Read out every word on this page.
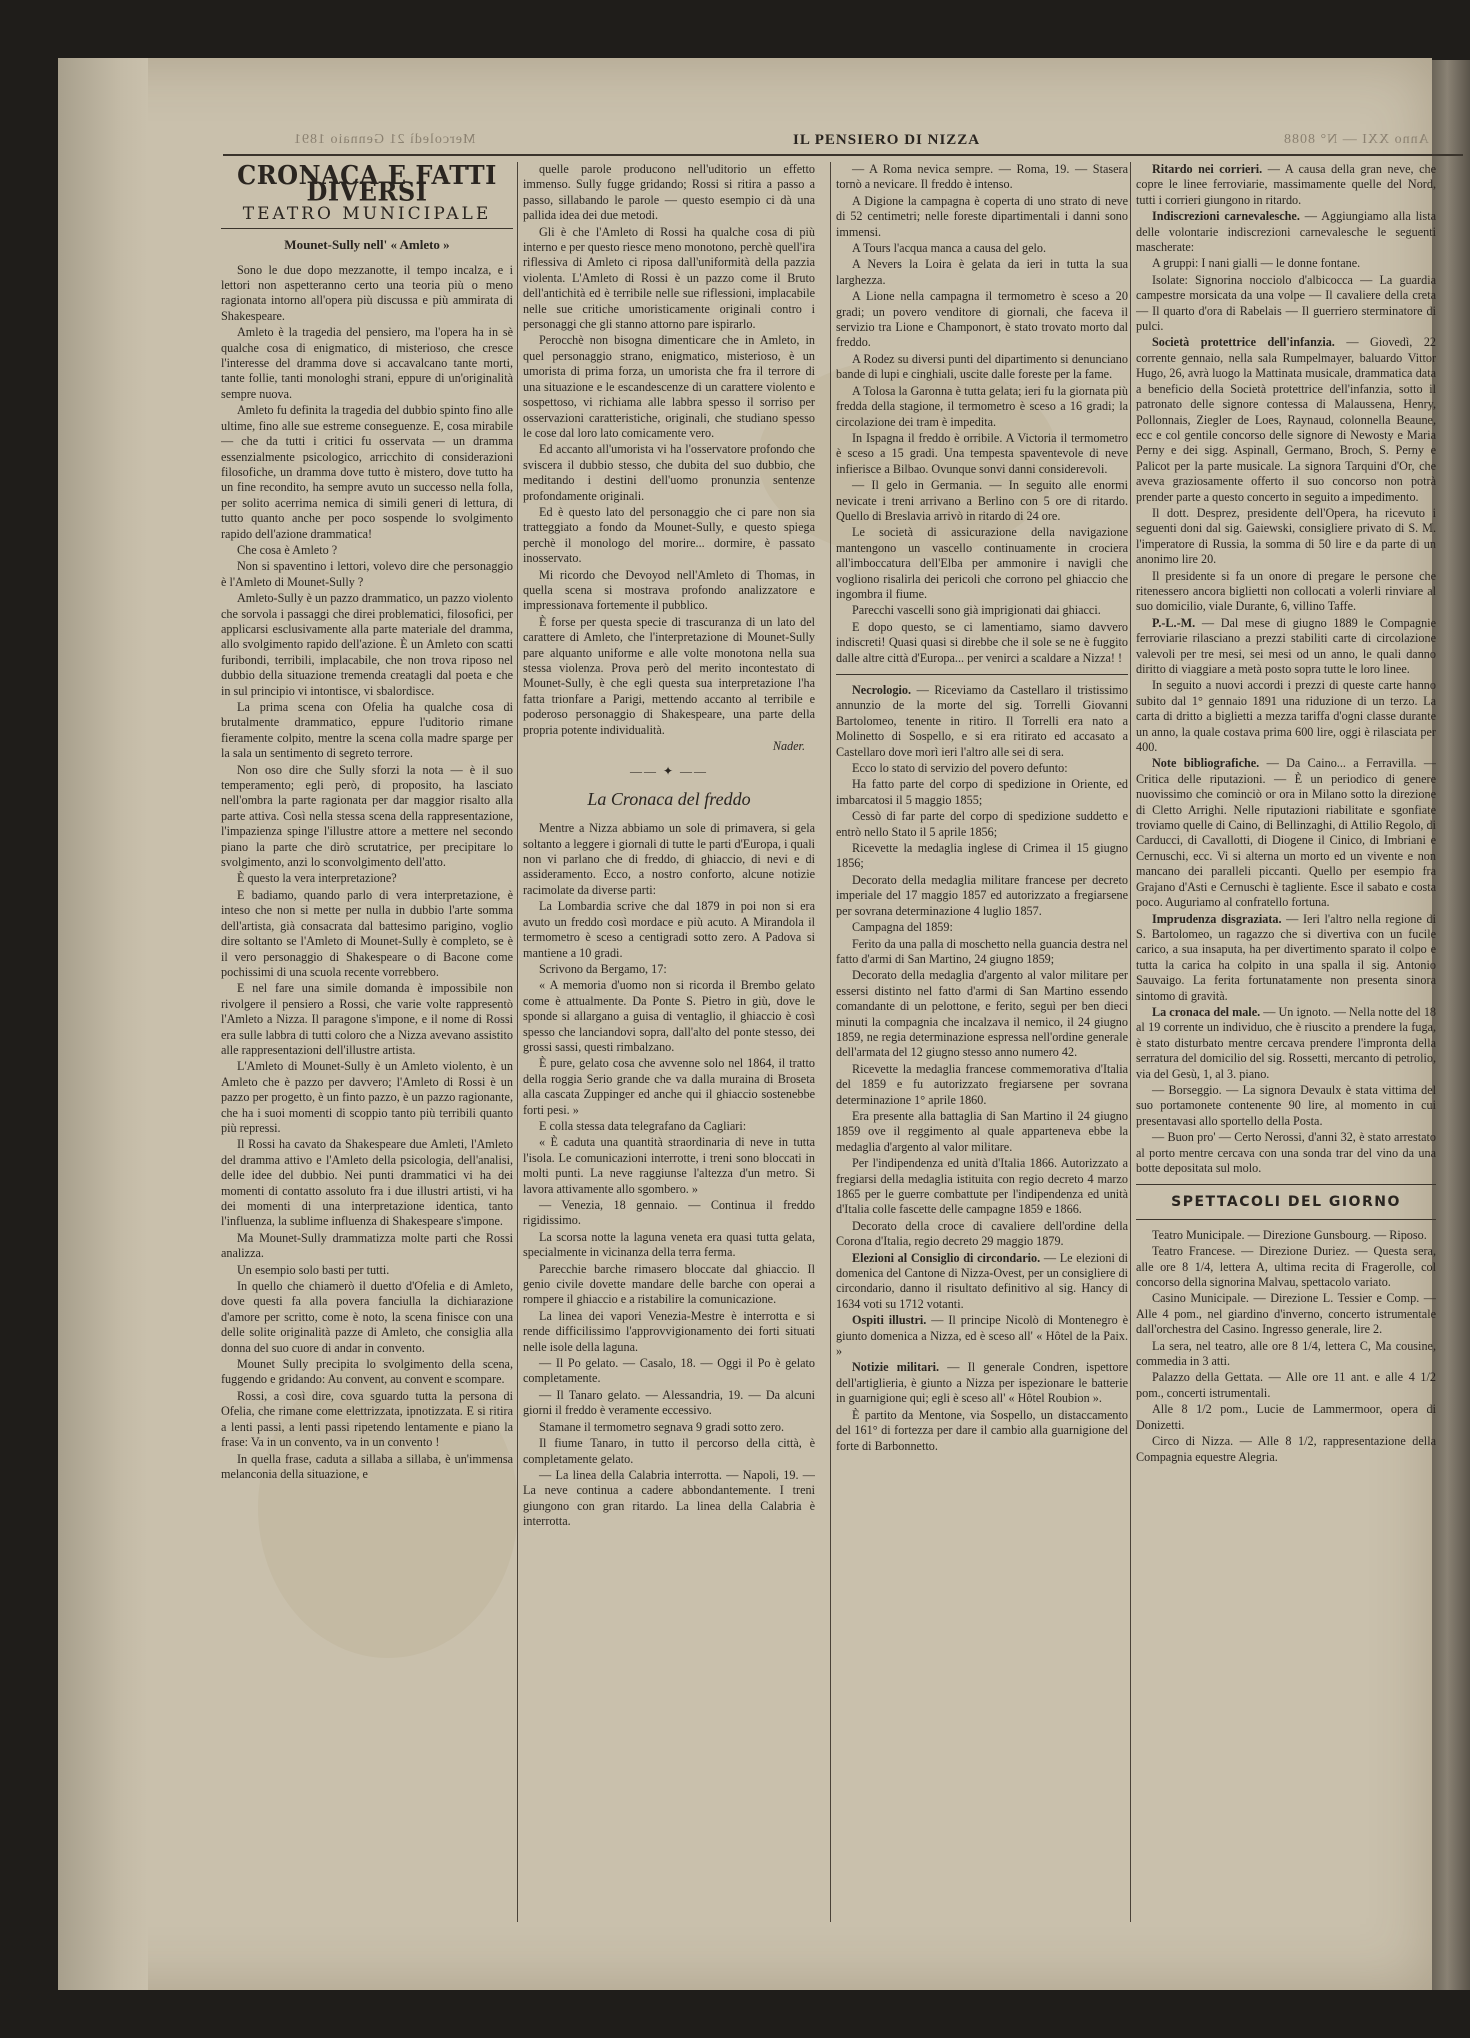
Mercoledì 21 Gennaio 1891	IL PENSIERO DI NIZZA	Anno XXI — N° 8088
CRONACA E FATTI DIVERSI
TEATRO MUNICIPALE
Mounet-Sully nell' « Amleto »

Sono le due dopo mezzanotte, il tempo incalza, e i lettori non aspetteranno certo una teoria più o meno ragionata intorno all'opera più discussa e più ammirata di Shakespeare.

Amleto è la tragedia del pensiero, ma l'opera ha in sè qualche cosa di enigmatico, di misterioso, che cresce l'interesse del dramma dove si accavalcano tante morti, tante follie, tanti monologhi strani, eppure di un'originalità sempre nuova.

Amleto fu definita la tragedia del dubbio spinto fino alle ultime, fino alle sue estreme conseguenze. E, cosa mirabile — che da tutti i critici fu osservata — un dramma essenzialmente psicologico, arricchito di considerazioni filosofiche, un dramma dove tutto è mistero, dove tutto ha un fine recondito, ha sempre avuto un successo nella folla, per solito acerrima nemica di simili generi di lettura, di tutto quanto anche per poco sospende lo svolgimento rapido dell'azione drammatica!

Che cosa è Amleto ?

Non si spaventino i lettori, volevo dire che personaggio è l'Amleto di Mounet-Sully ?

Amleto-Sully è un pazzo drammatico, un pazzo violento che sorvola i passaggi che direi problematici, filosofici, per applicarsi esclusivamente alla parte materiale del dramma, allo svolgimento rapido dell'azione. È un Amleto con scatti furibondi, terribili, implacabile, che non trova riposo nel dubbio della situazione tremenda creatagli dal poeta e che in sul principio vi intontisce, vi sbalordisce.

La prima scena con Ofelia ha qualche cosa di brutalmente drammatico, eppure l'uditorio rimane fieramente colpito, mentre la scena colla madre sparge per la sala un sentimento di segreto terrore.

Non oso dire che Sully sforzi la nota — è il suo temperamento; egli però, di proposito, ha lasciato nell'ombra la parte ragionata per dar maggior risalto alla parte attiva. Così nella stessa scena della rappresentazione, l'impazienza spinge l'illustre attore a mettere nel secondo piano la parte che dirò scrutatrice, per precipitare lo svolgimento, anzi lo sconvolgimento dell'atto.

È questo la vera interpretazione?

E badiamo, quando parlo di vera interpretazione, è inteso che non si mette per nulla in dubbio l'arte somma dell'artista, già consacrata dal battesimo parigino, voglio dire soltanto se l'Amleto di Mounet-Sully è completo, se è il vero personaggio di Shakespeare o di Bacone come pochissimi di una scuola recente vorrebbero.

E nel fare una simile domanda è impossibile non rivolgere il pensiero a Rossi, che varie volte rappresentò l'Amleto a Nizza. Il paragone s'impone, e il nome di Rossi era sulle labbra di tutti coloro che a Nizza avevano assistito alle rappresentazioni dell'illustre artista.

L'Amleto di Mounet-Sully è un Amleto violento, è un Amleto che è pazzo per davvero; l'Amleto di Rossi è un pazzo per progetto, è un finto pazzo, è un pazzo ragionante, che ha i suoi momenti di scoppio tanto più terribili quanto più repressi.

Il Rossi ha cavato da Shakespeare due Amleti, l'Amleto del dramma attivo e l'Amleto della psicologia, dell'analisi, delle idee del dubbio. Nei punti drammatici vi ha dei momenti di contatto assoluto fra i due illustri artisti, vi ha dei momenti di una interpretazione identica, tanto l'influenza, la sublime influenza di Shakespeare s'impone.

Ma Mounet-Sully drammatizza molte parti che Rossi analizza.

Un esempio solo basti per tutti.

In quello che chiamerò il duetto d'Ofelia e di Amleto, dove questi fa alla povera fanciulla la dichiarazione d'amore per scritto, come è noto, la scena finisce con una delle solite originalità pazze di Amleto, che consiglia alla donna del suo cuore di andar in convento.

Mounet Sully precipita lo svolgimento della scena, fuggendo e gridando: Au convent, au convent e scompare.

Rossi, a così dire, cova sguardo tutta la persona di Ofelia, che rimane come elettrizzata, ipnotizzata. E si ritira a lenti passi, a lenti passi ripetendo lentamente e piano la frase: Va in un convento, va in un convento !

In quella frase, caduta a sillaba a sillaba, è un'immensa melanconia della situazione, e

quelle parole producono nell'uditorio un effetto immenso. Sully fugge gridando; Rossi si ritira a passo a passo, sillabando le parole — questo esempio ci dà una pallida idea dei due metodi.

Gli è che l'Amleto di Rossi ha qualche cosa di più interno e per questo riesce meno monotono, perchè quell'ira riflessiva di Amleto ci riposa dall'uniformità della pazzia violenta. L'Amleto di Rossi è un pazzo come il Bruto dell'antichità ed è terribile nelle sue riflessioni, implacabile nelle sue critiche umoristicamente originali contro i personaggi che gli stanno attorno pare ispirarlo.

Perocchè non bisogna dimenticare che in Amleto, in quel personaggio strano, enigmatico, misterioso, è un umorista di prima forza, un umorista che fra il terrore di una situazione e le escandescenze di un carattere violento e sospettoso, vi richiama alle labbra spesso il sorriso per osservazioni caratteristiche, originali, che studiano spesso le cose dal loro lato comicamente vero.

Ed accanto all'umorista vi ha l'osservatore profondo che sviscera il dubbio stesso, che dubita del suo dubbio, che meditando i destini dell'uomo pronunzia sentenze profondamente originali.

Ed è questo lato del personaggio che ci pare non sia tratteggiato a fondo da Mounet-Sully, e questo spiega perchè il monologo del morire... dormire, è passato inosservato.

Mi ricordo che Devoyod nell'Amleto di Thomas, in quella scena si mostrava profondo analizzatore e impressionava fortemente il pubblico.

È forse per questa specie di trascuranza di un lato del carattere di Amleto, che l'interpretazione di Mounet-Sully pare alquanto uniforme e alle volte monotona nella sua stessa violenza. Prova però del merito incontestato di Mounet-Sully, è che egli questa sua interpretazione l'ha fatta trionfare a Parigi, mettendo accanto al terribile e poderoso personaggio di Shakespeare, una parte della propria potente individualità.

Nader.
—— ✦ ——
La Cronaca del freddo

Mentre a Nizza abbiamo un sole di primavera, si gela soltanto a leggere i giornali di tutte le parti d'Europa, i quali non vi parlano che di freddo, di ghiaccio, di nevi e di assideramento. Ecco, a nostro conforto, alcune notizie racimolate da diverse parti:

La Lombardia scrive che dal 1879 in poi non si era avuto un freddo così mordace e più acuto. A Mirandola il termometro è sceso a centigradi sotto zero. A Padova si mantiene a 10 gradi.

Scrivono da Bergamo, 17:

« A memoria d'uomo non si ricorda il Brembo gelato come è attualmente. Da Ponte S. Pietro in giù, dove le sponde si allargano a guisa di ventaglio, il ghiaccio è così spesso che lanciandovi sopra, dall'alto del ponte stesso, dei grossi sassi, questi rimbalzano.

È pure, gelato cosa che avvenne solo nel 1864, il tratto della roggia Serio grande che va dalla muraina di Broseta alla cascata Zuppinger ed anche qui il ghiaccio sostenebbe forti pesi. »

E colla stessa data telegrafano da Cagliari:

« È caduta una quantità straordinaria di neve in tutta l'isola. Le comunicazioni interrotte, i treni sono bloccati in molti punti. La neve raggiunse l'altezza d'un metro. Si lavora attivamente allo sgombero. »

— Venezia, 18 gennaio. — Continua il freddo rigidissimo.

La scorsa notte la laguna veneta era quasi tutta gelata, specialmente in vicinanza della terra ferma.

Parecchie barche rimasero bloccate dal ghiaccio. Il genio civile dovette mandare delle barche con operai a rompere il ghiaccio e a ristabilire la comunicazione.

La linea dei vapori Venezia-Mestre è interrotta e si rende difficilissimo l'approvvigionamento dei forti situati nelle isole della laguna.

— Il Po gelato. — Casalo, 18. — Oggi il Po è gelato completamente.

— Il Tanaro gelato. — Alessandria, 19. — Da alcuni giorni il freddo è veramente eccessivo.

Stamane il termometro segnava 9 gradi sotto zero.

Il fiume Tanaro, in tutto il percorso della città, è completamente gelato.

— La linea della Calabria interrotta. — Napoli, 19. — La neve continua a cadere abbondantemente. I treni giungono con gran ritardo. La linea della Calabria è interrotta.

— A Roma nevica sempre. — Roma, 19. — Stasera tornò a nevicare. Il freddo è intenso.

A Digione la campagna è coperta di uno strato di neve di 52 centimetri; nelle foreste dipartimentali i danni sono immensi.

A Tours l'acqua manca a causa del gelo.

A Nevers la Loira è gelata da ieri in tutta la sua larghezza.

A Lione nella campagna il termometro è sceso a 20 gradi; un povero venditore di giornali, che faceva il servizio tra Lione e Champonort, è stato trovato morto dal freddo.

A Rodez su diversi punti del dipartimento si denunciano bande di lupi e cinghiali, uscite dalle foreste per la fame.

A Tolosa la Garonna è tutta gelata; ieri fu la giornata più fredda della stagione, il termometro è sceso a 16 gradi; la circolazione dei tram è impedita.

In Ispagna il freddo è orribile. A Victoria il termometro è sceso a 15 gradi. Una tempesta spaventevole di neve infierisce a Bilbao. Ovunque sonvi danni considerevoli.

— Il gelo in Germania. — In seguito alle enormi nevicate i treni arrivano a Berlino con 5 ore di ritardo. Quello di Breslavia arrivò in ritardo di 24 ore.

Le società di assicurazione della navigazione mantengono un vascello continuamente in crociera all'imboccatura dell'Elba per ammonire i navigli che vogliono risalirla dei pericoli che corrono pel ghiaccio che ingombra il fiume.

Parecchi vascelli sono già imprigionati dai ghiacci.

E dopo questo, se ci lamentiamo, siamo davvero indiscreti! Quasi quasi si direbbe che il sole se ne è fuggito dalle altre città d'Europa... per venirci a scaldare a Nizza! !

Necrologio. — Riceviamo da Castellaro il tristissimo annunzio de la morte del sig. Torrelli Giovanni Bartolomeo, tenente in ritiro. Il Torrelli era nato a Molinetto di Sospello, e si era ritirato ed accasato a Castellaro dove morì ieri l'altro alle sei di sera.

Ecco lo stato di servizio del povero defunto:

Ha fatto parte del corpo di spedizione in Oriente, ed imbarcatosi il 5 maggio 1855;

Cessò di far parte del corpo di spedizione suddetto e entrò nello Stato il 5 aprile 1856;

Ricevette la medaglia inglese di Crimea il 15 giugno 1856;

Decorato della medaglia militare francese per decreto imperiale del 17 maggio 1857 ed autorizzato a fregiarsene per sovrana determinazione 4 luglio 1857.

Campagna del 1859:

Ferito da una palla di moschetto nella guancia destra nel fatto d'armi di San Martino, 24 giugno 1859;

Decorato della medaglia d'argento al valor militare per essersi distinto nel fatto d'armi di San Martino essendo comandante di un pelottone, e ferito, seguì per ben dieci minuti la compagnia che incalzava il nemico, il 24 giugno 1859, ne regia determinazione espressa nell'ordine generale dell'armata del 12 giugno stesso anno numero 42.

Ricevette la medaglia francese commemorativa d'Italia del 1859 e fu autorizzato fregiarsene per sovrana determinazione 1° aprile 1860.

Era presente alla battaglia di San Martino il 24 giugno 1859 ove il reggimento al quale apparteneva ebbe la medaglia d'argento al valor militare.

Per l'indipendenza ed unità d'Italia 1866. Autorizzato a fregiarsi della medaglia istituita con regio decreto 4 marzo 1865 per le guerre combattute per l'indipendenza ed unità d'Italia colle fascette delle campagne 1859 e 1866.

Decorato della croce di cavaliere dell'ordine della Corona d'Italia, regio decreto 29 maggio 1879.

Elezioni al Consiglio di circondario. — Le elezioni di domenica del Cantone di Nizza-Ovest, per un consigliere di circondario, danno il risultato definitivo al sig. Hancy di 1634 voti su 1712 votanti.

Ospiti illustri. — Il principe Nicolò di Montenegro è giunto domenica a Nizza, ed è sceso all' « Hôtel de la Paix. »

Notizie militari. — Il generale Condren, ispettore dell'artiglieria, è giunto a Nizza per ispezionare le batterie in guarnigione qui; egli è sceso all' « Hôtel Roubion ».

È partito da Mentone, via Sospello, un distaccamento del 161° di fortezza per dare il cambio alla guarnigione del forte di Barbonnetto.

Ritardo nei corrieri. — A causa della gran neve, che copre le linee ferroviarie, massimamente quelle del Nord, tutti i corrieri giungono in ritardo.

Indiscrezioni carnevalesche. — Aggiungiamo alla lista delle volontarie indiscrezioni carnevalesche le seguenti mascherate:

A gruppi: I nani gialli — le donne fontane.

Isolate: Signorina nocciolo d'albicocca — La guardia campestre morsicata da una volpe — Il cavaliere della creta — Il quarto d'ora di Rabelais — Il guerriero sterminatore di pulci.

Società protettrice dell'infanzia. — Giovedì, 22 corrente gennaio, nella sala Rumpelmayer, baluardo Vittor Hugo, 26, avrà luogo la Mattinata musicale, drammatica data a beneficio della Società protettrice dell'infanzia, sotto il patronato delle signore contessa di Malaussena, Henry, Pollonnais, Ziegler de Loes, Raynaud, colonnella Beaune, ecc e col gentile concorso delle signore di Newosty e Maria Perny e dei sigg. Aspinall, Germano, Broch, S. Perny e Palicot per la parte musicale. La signora Tarquini d'Or, che aveva graziosamente offerto il suo concorso non potrà prender parte a questo concerto in seguito a impedimento.

Il dott. Desprez, presidente dell'Opera, ha ricevuto i seguenti doni dal sig. Gaiewski, consigliere privato di S. M. l'imperatore di Russia, la somma di 50 lire e da parte di un anonimo lire 20.

Il presidente si fa un onore di pregare le persone che ritenessero ancora biglietti non collocati a volerli rinviare al suo domicilio, viale Durante, 6, villino Taffe.

P.-L.-M. — Dal mese di giugno 1889 le Compagnie ferroviarie rilasciano a prezzi stabiliti carte di circolazione valevoli per tre mesi, sei mesi od un anno, le quali danno diritto di viaggiare a metà posto sopra tutte le loro linee.

In seguito a nuovi accordi i prezzi di queste carte hanno subito dal 1° gennaio 1891 una riduzione di un terzo. La carta di dritto a biglietti a mezza tariffa d'ogni classe durante un anno, la quale costava prima 600 lire, oggi è rilasciata per 400.

Note bibliografiche. — Da Caino... a Ferravilla. — Critica delle riputazioni. — È un periodico di genere nuovissimo che cominciò or ora in Milano sotto la direzione di Cletto Arrighi. Nelle riputazioni riabilitate e sgonfiate troviamo quelle di Caino, di Bellinzaghi, di Attilio Regolo, di Carducci, di Cavallotti, di Diogene il Cinico, di Imbriani e Cernuschi, ecc. Vi si alterna un morto ed un vivente e non mancano dei paralleli piccanti. Quello per esempio fra Grajano d'Asti e Cernuschi è tagliente. Esce il sabato e costa poco. Auguriamo al confratello fortuna.

Imprudenza disgraziata. — Ieri l'altro nella regione di S. Bartolomeo, un ragazzo che si divertiva con un fucile carico, a sua insaputa, ha per divertimento sparato il colpo e tutta la carica ha colpito in una spalla il sig. Antonio Sauvaigo. La ferita fortunatamente non presenta sinora sintomo di gravità.

La cronaca del male. — Un ignoto. — Nella notte del 18 al 19 corrente un individuo, che è riuscito a prendere la fuga, è stato disturbato mentre cercava prendere l'impronta della serratura del domicilio del sig. Rossetti, mercanto di petrolio, via del Gesù, 1, al 3. piano.

— Borseggio. — La signora Devaulx è stata vittima del suo portamonete contenente 90 lire, al momento in cui presentavasi allo sportello della Posta.

— Buon pro' — Certo Nerossi, d'anni 32, è stato arrestato al porto mentre cercava con una sonda trar del vino da una botte depositata sul molo.

SPETTACOLI DEL GIORNO

Teatro Municipale. — Direzione Gunsbourg. — Riposo.

Teatro Francese. — Direzione Duriez. — Questa sera, alle ore 8 1/4, lettera A, ultima recita di Fragerolle, col concorso della signorina Malvau, spettacolo variato.

Casino Municipale. — Direzione L. Tessier e Comp. — Alle 4 pom., nel giardino d'inverno, concerto istrumentale dall'orchestra del Casino. Ingresso generale, lire 2.

La sera, nel teatro, alle ore 8 1/4, lettera C, Ma cousine, commedia in 3 atti.

Palazzo della Gettata. — Alle ore 11 ant. e alle 4 1/2 pom., concerti istrumentali.

Alle 8 1/2 pom., Lucie de Lammermoor, opera di Donizetti.

Circo di Nizza. — Alle 8 1/2, rappresentazione della Compagnia equestre Alegria.
